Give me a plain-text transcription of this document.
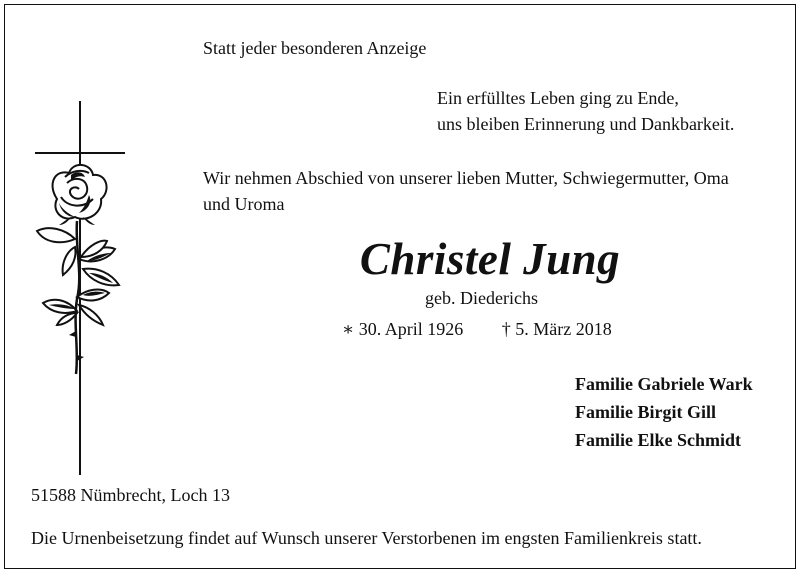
Statt jeder besonderen Anzeige

Ein erfülltes Leben ging zu Ende,
uns bleiben Erinnerung und Dankbarkeit.
Wir nehmen Abschied von unserer lieben Mutter, Schwiegermutter, Oma
und Uroma
Christel Jung

geb. Diederichs

∗ 30. April 1926 † 5. März 2018

Familie Gabriele Wark
Familie Birgit Gill
Familie Elke Schmidt

51588 Nümbrecht, Loch 13

Die Urnenbeisetzung findet auf Wunsch unserer Verstorbenen im engsten Familienkreis statt.
